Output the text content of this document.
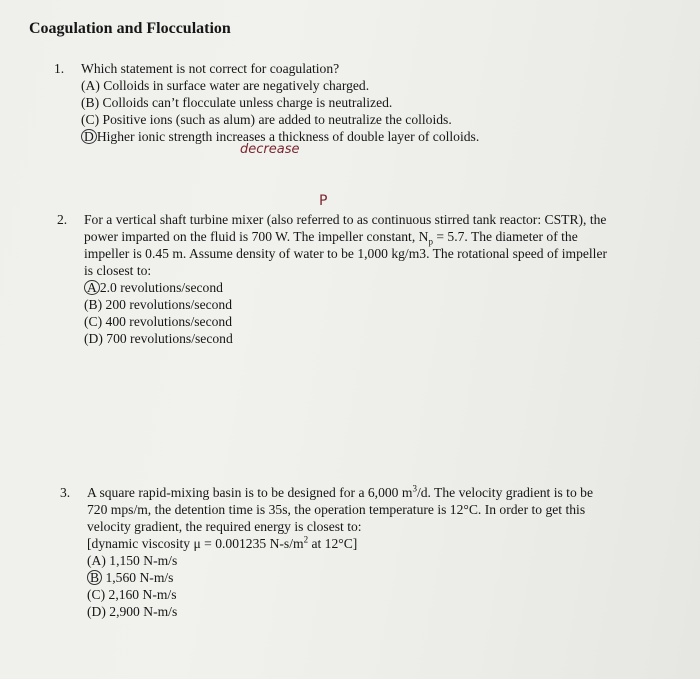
Coagulation and Flocculation
1. Which statement is not correct for coagulation?
(A) Colloids in surface water are negatively charged.
(B) Colloids can’t flocculate unless charge is neutralized.
(C) Positive ions (such as alum) are added to neutralize the colloids.
D Higher ionic strength increases a thickness of double layer of colloids.
decrease
P
2. For a vertical shaft turbine mixer (also referred to as continuous stirred tank reactor: CSTR), the
power imparted on the fluid is 700 W. The impeller constant, $N_p = 5.7$. The diameter of the
impeller is 0.45 m. Assume density of water to be 1,000 kg/m3. The rotational speed of impeller
is closest to:
A 2.0 revolutions/second
(B) 200 revolutions/second
(C) 400 revolutions/second
(D) 700 revolutions/second
3. A square rapid-mixing basin is to be designed for a 6,000 $m^3/d$. The velocity gradient is to be
720 mps/m, the detention time is 35s, the operation temperature is 12°C. In order to get this
velocity gradient, the required energy is closest to:
[dynamic viscosity μ = 0.001235 $N-s/m^2$ at 12°C]
(A) 1,150 N-m/s
B 1,560 N-m/s
(C) 2,160 N-m/s
(D) 2,900 N-m/s
